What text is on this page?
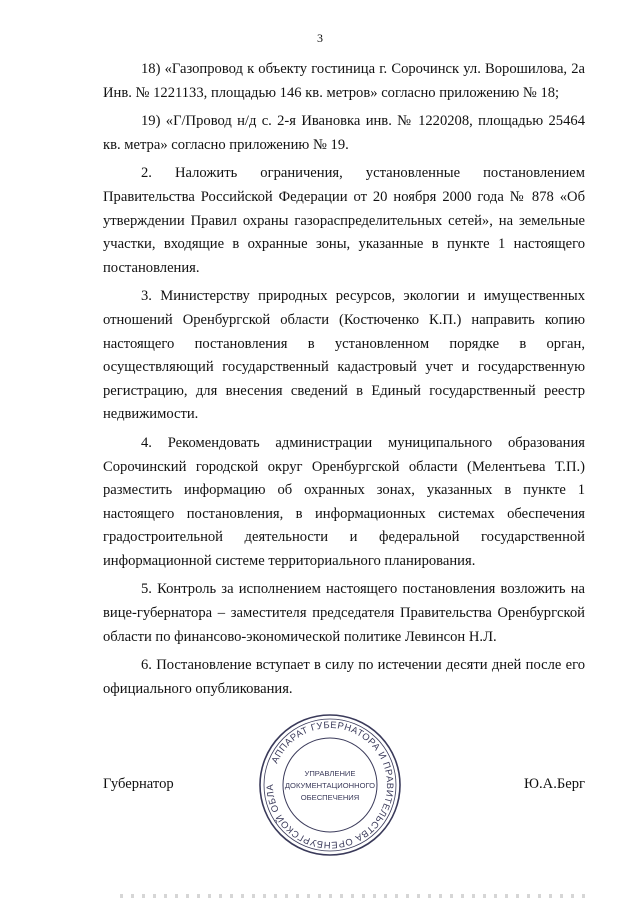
3

18) «Газопровод к объекту гостиница г. Сорочинск ул. Ворошилова, 2а Инв. № 1221133, площадью 146 кв. метров» согласно приложению № 18;

19) «Г/Провод н/д с. 2-я Ивановка инв. № 1220208, площадью 25464 кв. метра» согласно приложению № 19.

2. Наложить ограничения, установленные постановлением Правительства Российской Федерации от 20 ноября 2000 года № 878 «Об утверждении Правил охраны газораспределительных сетей», на земельные участки, входящие в охранные зоны, указанные в пункте 1 настоящего постановления.

3. Министерству природных ресурсов, экологии и имущественных отношений Оренбургской области (Костюченко К.П.) направить копию настоящего постановления в установленном порядке в орган, осуществляющий государственный кадастровый учет и государственную регистрацию, для внесения сведений в Единый государственный реестр недвижимости.

4. Рекомендовать администрации муниципального образования Сорочинский городской округ Оренбургской области (Мелентьева Т.П.) разместить информацию об охранных зонах, указанных в пункте 1 настоящего постановления, в информационных системах обеспечения градостроительной деятельности и федеральной государственной информационной системе территориального планирования.

5. Контроль за исполнением настоящего постановления возложить на вице-губернатора – заместителя председателя Правительства Оренбургской области по финансово-экономической политике Левинсон Н.Л.

6. Постановление вступает в силу по истечении десяти дней после его официального опубликования.

Губернатор	Ю.А.Берг
АППАРАТ ГУБЕРНАТОРА И ПРАВИТЕЛЬСТВА ОРЕНБУРГСКОЙ ОБЛА
УПРАВЛЕНИЕ
ДОКУМЕНТАЦИОННОГО
ОБЕСПЕЧЕНИЯ
